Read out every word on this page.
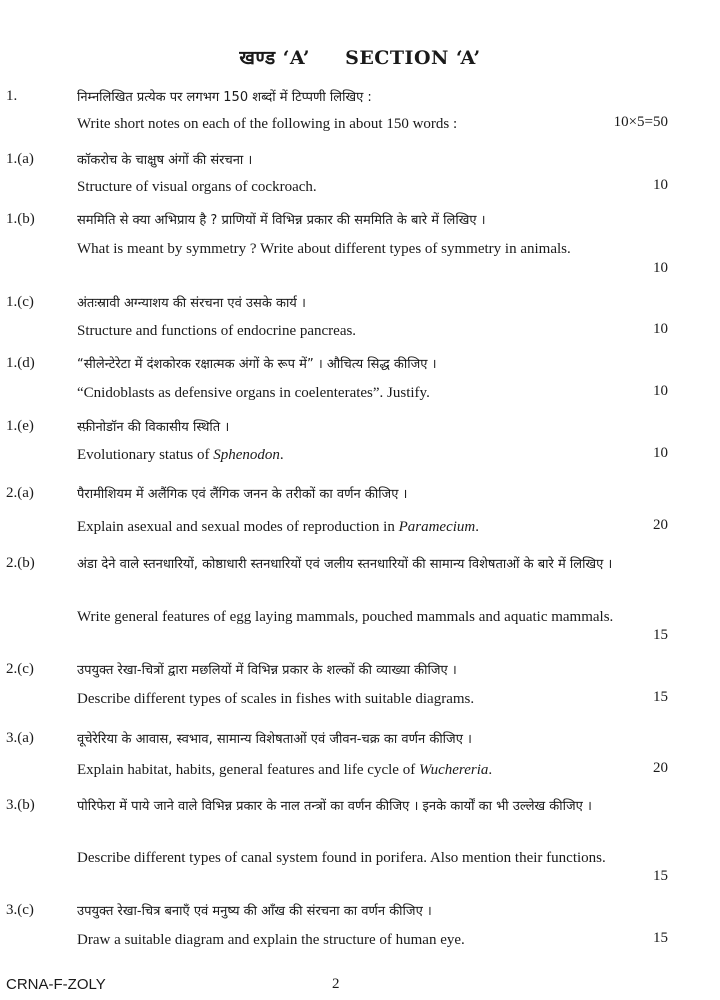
खण्ड ‘A’ SECTION ‘A’
1.	निम्नलिखित प्रत्येक पर लगभग 150 शब्दों में टिप्पणी लिखिए :
Write short notes on each of the following in about 150 words :	10×5=50
1.(a)	कॉकरोच के चाक्षुष अंगों की संरचना ।
Structure of visual organs of cockroach.	10
1.(b)	सममिति से क्या अभिप्राय है ? प्राणियों में विभिन्न प्रकार की सममिति के बारे में लिखिए ।
What is meant by symmetry ? Write about different types of symmetry in animals.
10
1.(c)	अंतःस्रावी अग्न्याशय की संरचना एवं उसके कार्य ।
Structure and functions of endocrine pancreas.	10
1.(d)	“सीलेन्टेरेटा में दंशकोरक रक्षात्मक अंगों के रूप में” । औचित्य सिद्ध कीजिए ।
“Cnidoblasts as defensive organs in coelenterates”. Justify.	10
1.(e)	स्फ़ीनोडॉन की विकासीय स्थिति ।
Evolutionary status of Sphenodon.	10
2.(a)	पैरामीशियम में अलैंगिक एवं लैंगिक जनन के तरीकों का वर्णन कीजिए ।
Explain asexual and sexual modes of reproduction in Paramecium.	20
2.(b)	अंडा देने वाले स्तनधारियों, कोष्ठाधारी स्तनधारियों एवं जलीय स्तनधारियों की सामान्य विशेषताओं के बारे में लिखिए ।
Write general features of egg laying mammals, pouched mammals and aquatic mammals.
15
2.(c)	उपयुक्त रेखा-चित्रों द्वारा मछलियों में विभिन्न प्रकार के शल्कों की व्याख्या कीजिए ।
Describe different types of scales in fishes with suitable diagrams.	15
3.(a)	वूचेरेरिया के आवास, स्वभाव, सामान्य विशेषताओं एवं जीवन-चक्र का वर्णन कीजिए ।
Explain habitat, habits, general features and life cycle of Wuchereria.	20
3.(b)	पोरिफेरा में पाये जाने वाले विभिन्न प्रकार के नाल तन्त्रों का वर्णन कीजिए । इनके कार्यों का भी उल्लेख कीजिए ।
Describe different types of canal system found in porifera. Also mention their functions.
15
3.(c)	उपयुक्त रेखा-चित्र बनाएँ एवं मनुष्य की आँख की संरचना का वर्णन कीजिए ।
Draw a suitable diagram and explain the structure of human eye.	15
CRNA-F-ZOLY	2
